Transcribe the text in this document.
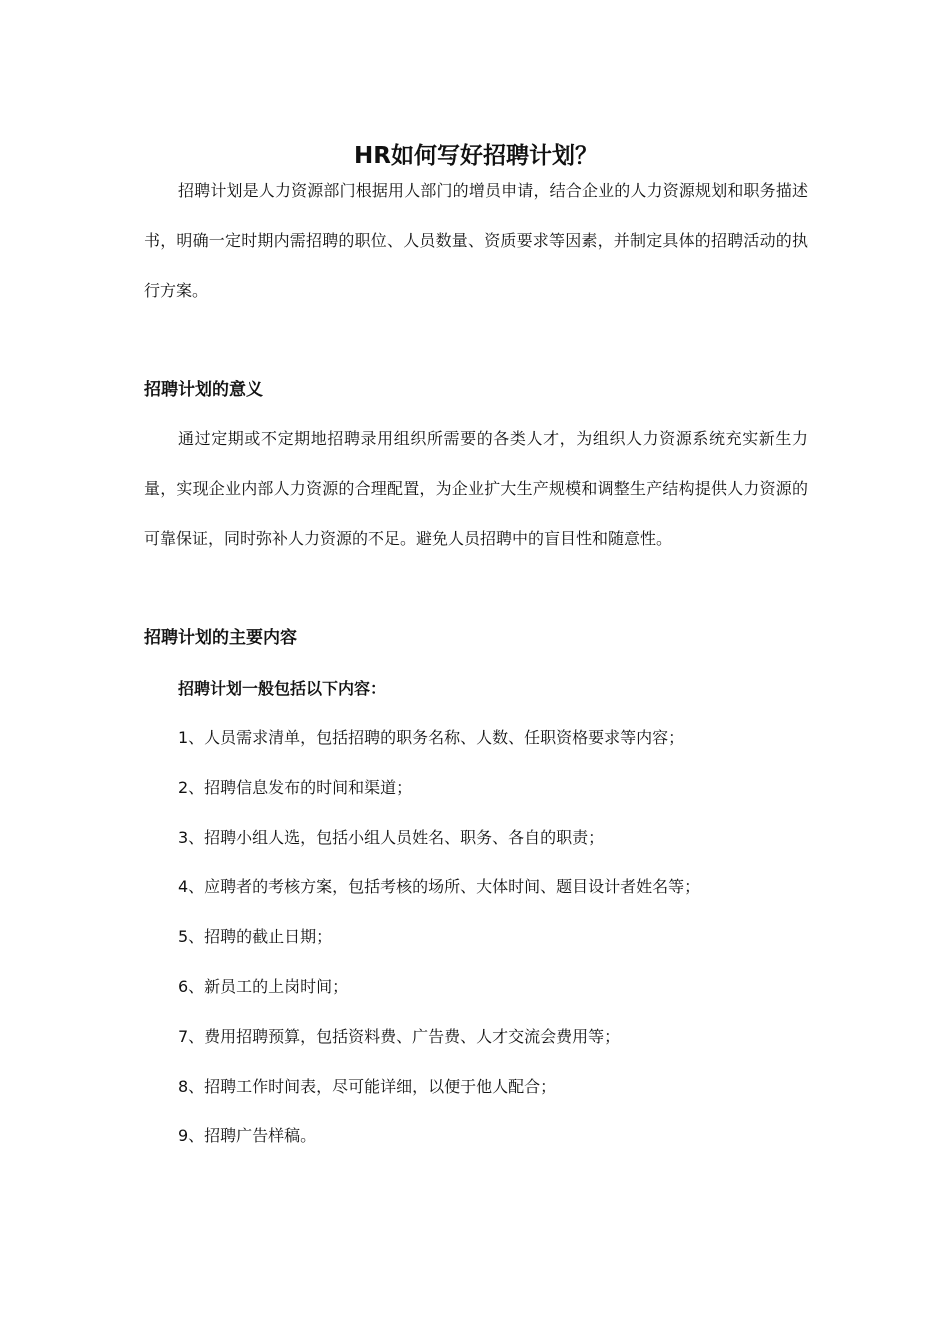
HR如何写好招聘计划？

招聘计划是人力资源部门根据用人部门的增员申请，结合企业的人力资源规划和职务描述书，明确一定时期内需招聘的职位、人员数量、资质要求等因素，并制定具体的招聘活动的执行方案。

招聘计划的意义

通过定期或不定期地招聘录用组织所需要的各类人才，为组织人力资源系统充实新生力量，实现企业内部人力资源的合理配置，为企业扩大生产规模和调整生产结构提供人力资源的可靠保证，同时弥补人力资源的不足。避免人员招聘中的盲目性和随意性。

招聘计划的主要内容

招聘计划一般包括以下内容：

1、人员需求清单，包括招聘的职务名称、人数、任职资格要求等内容；
2、招聘信息发布的时间和渠道；
3、招聘小组人选，包括小组人员姓名、职务、各自的职责；
4、应聘者的考核方案，包括考核的场所、大体时间、题目设计者姓名等；
5、招聘的截止日期；
6、新员工的上岗时间；
7、费用招聘预算，包括资料费、广告费、人才交流会费用等；
8、招聘工作时间表，尽可能详细，以便于他人配合；
9、招聘广告样稿。
